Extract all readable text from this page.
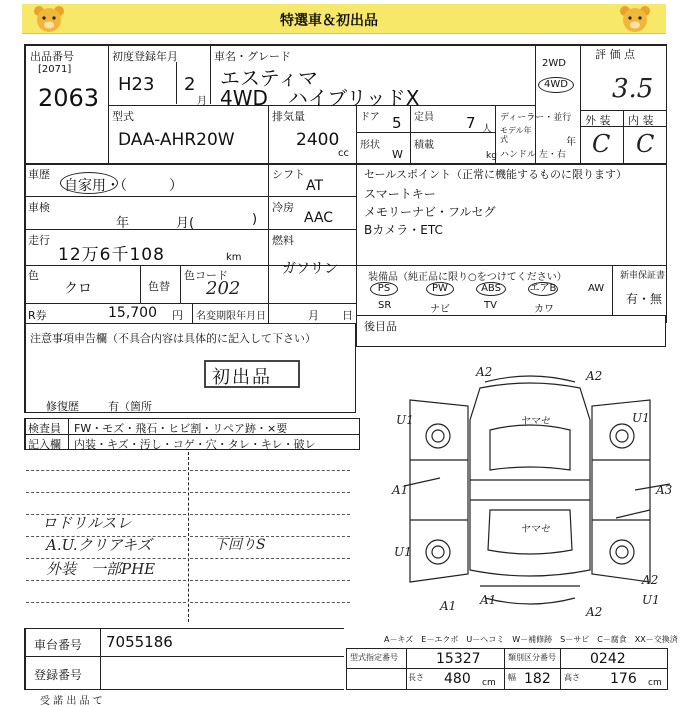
特選車＆初出品
出品番号
[2071]
2063
初度登録年月
H23 2
月
車名・グレード
エスティマ
4WD　ハイブリッドX
2WD
4WD
評 価 点
3.5
外 装 内 装
C C
型式
DAA-AHR20W
排気量
2400
cc
ドア 5 定員 7 人
形状
W
積載
kg
ディーラー・並行
モデル年式	年
ハンドル 左・右
車歴
自家用・（　　　）
シフト
AT
車検
年	月(	)
冷房
AAC
走行
12万6千108	km
燃料
ガソリン
色
クロ	色替
色コード
202
R券	15,700 円 名変期限年月日	月 日
セールスポイント（正常に機能するものに限ります）
スマートキー
メモリーナビ・フルセグ
Bカメラ・ETC
装備品（純正品に限り○をつけてください）	新車保証書
有・無
PS	PW	ABS	エアB	AW
SR	ナビ	TV	カワ
後目品
注意事項申告欄（不具合内容は具体的に記入して下さい）
初出品
修復歴	有（箇所
検査員 FW・モズ・飛石・ヒビ割・リペア跡・×要
記入欄 内装・キズ・汚し・コゲ・穴・タレ・キレ・破レ
ロドリルスレ
A.U.クリアキズ
外装　一部PHE
下回りS
A2	A2
U1	U1
A1	A3
A2
U1
U1
A1	A2
A1
ヤマセ
ヤマセ
A－キズ　E－エクボ　U－ヘコミ　W－補修跡　S－サビ　C－腐食　XX－交換済
車台番号 7055186
登録番号
型式指定番号	15327	類別区分番号 0242
長さ 480 cm
幅 182 高さ 176 cm
受 諾 出 品 て
